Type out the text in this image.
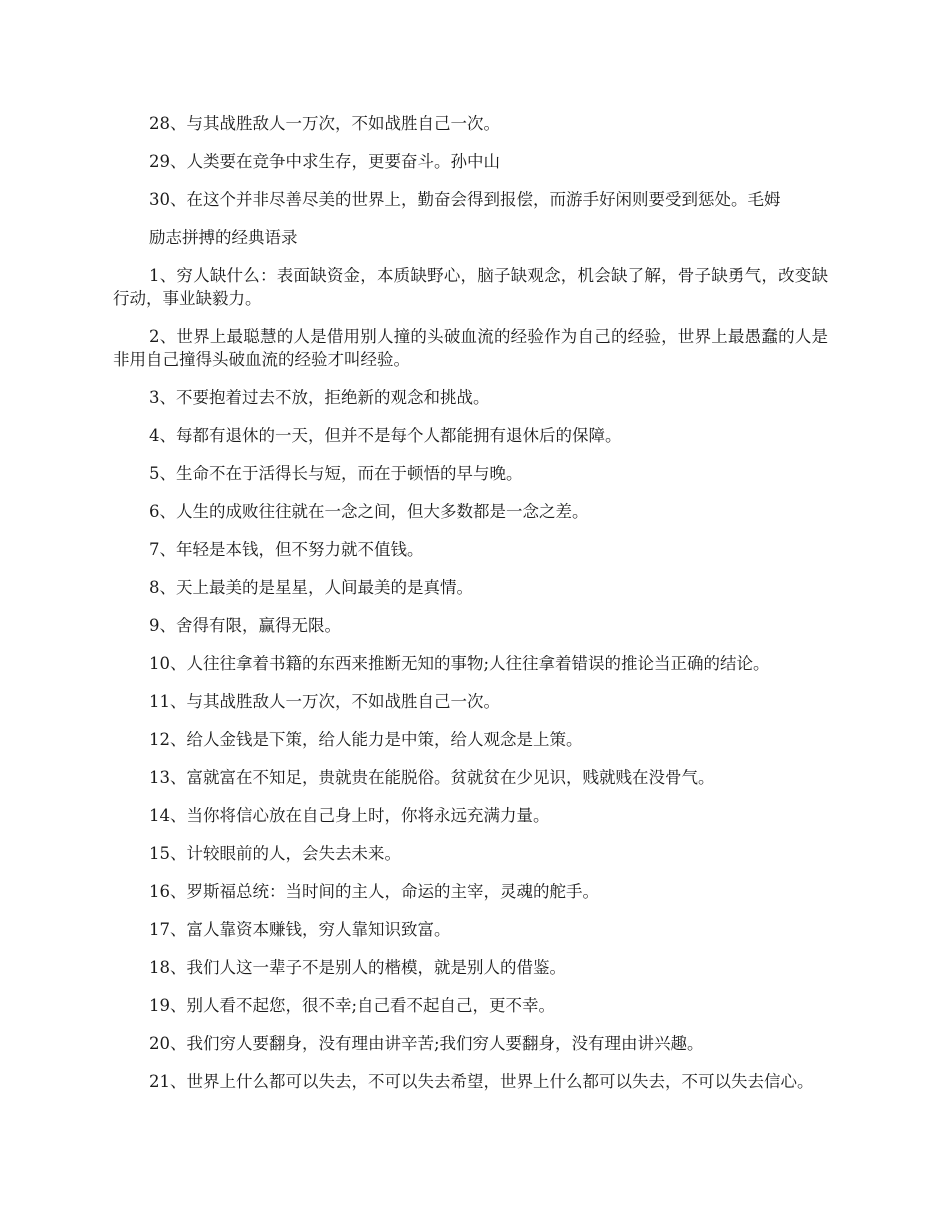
28、与其战胜敌人一万次，不如战胜自己一次。

29、人类要在竞争中求生存，更要奋斗。孙中山

30、在这个并非尽善尽美的世界上，勤奋会得到报偿，而游手好闲则要受到惩处。毛姆

励志拼搏的经典语录

1、穷人缺什么：表面缺资金，本质缺野心，脑子缺观念，机会缺了解，骨子缺勇气，改变缺行动，事业缺毅力。

2、世界上最聪慧的人是借用别人撞的头破血流的经验作为自己的经验，世界上最愚蠢的人是非用自己撞得头破血流的经验才叫经验。

3、不要抱着过去不放，拒绝新的观念和挑战。

4、每都有退休的一天，但并不是每个人都能拥有退休后的保障。

5、生命不在于活得长与短，而在于顿悟的早与晚。

6、人生的成败往往就在一念之间，但大多数都是一念之差。

7、年轻是本钱，但不努力就不值钱。

8、天上最美的是星星，人间最美的是真情。

9、舍得有限，赢得无限。

10、人往往拿着书籍的东西来推断无知的事物;人往往拿着错误的推论当正确的结论。

11、与其战胜敌人一万次，不如战胜自己一次。

12、给人金钱是下策，给人能力是中策，给人观念是上策。

13、富就富在不知足，贵就贵在能脱俗。贫就贫在少见识，贱就贱在没骨气。

14、当你将信心放在自己身上时，你将永远充满力量。

15、计较眼前的人，会失去未来。

16、罗斯福总统：当时间的主人，命运的主宰，灵魂的舵手。

17、富人靠资本赚钱，穷人靠知识致富。

18、我们人这一辈子不是别人的楷模，就是别人的借鉴。

19、别人看不起您，很不幸;自己看不起自己，更不幸。

20、我们穷人要翻身，没有理由讲辛苦;我们穷人要翻身，没有理由讲兴趣。

21、世界上什么都可以失去，不可以失去希望，世界上什么都可以失去，不可以失去信心。
